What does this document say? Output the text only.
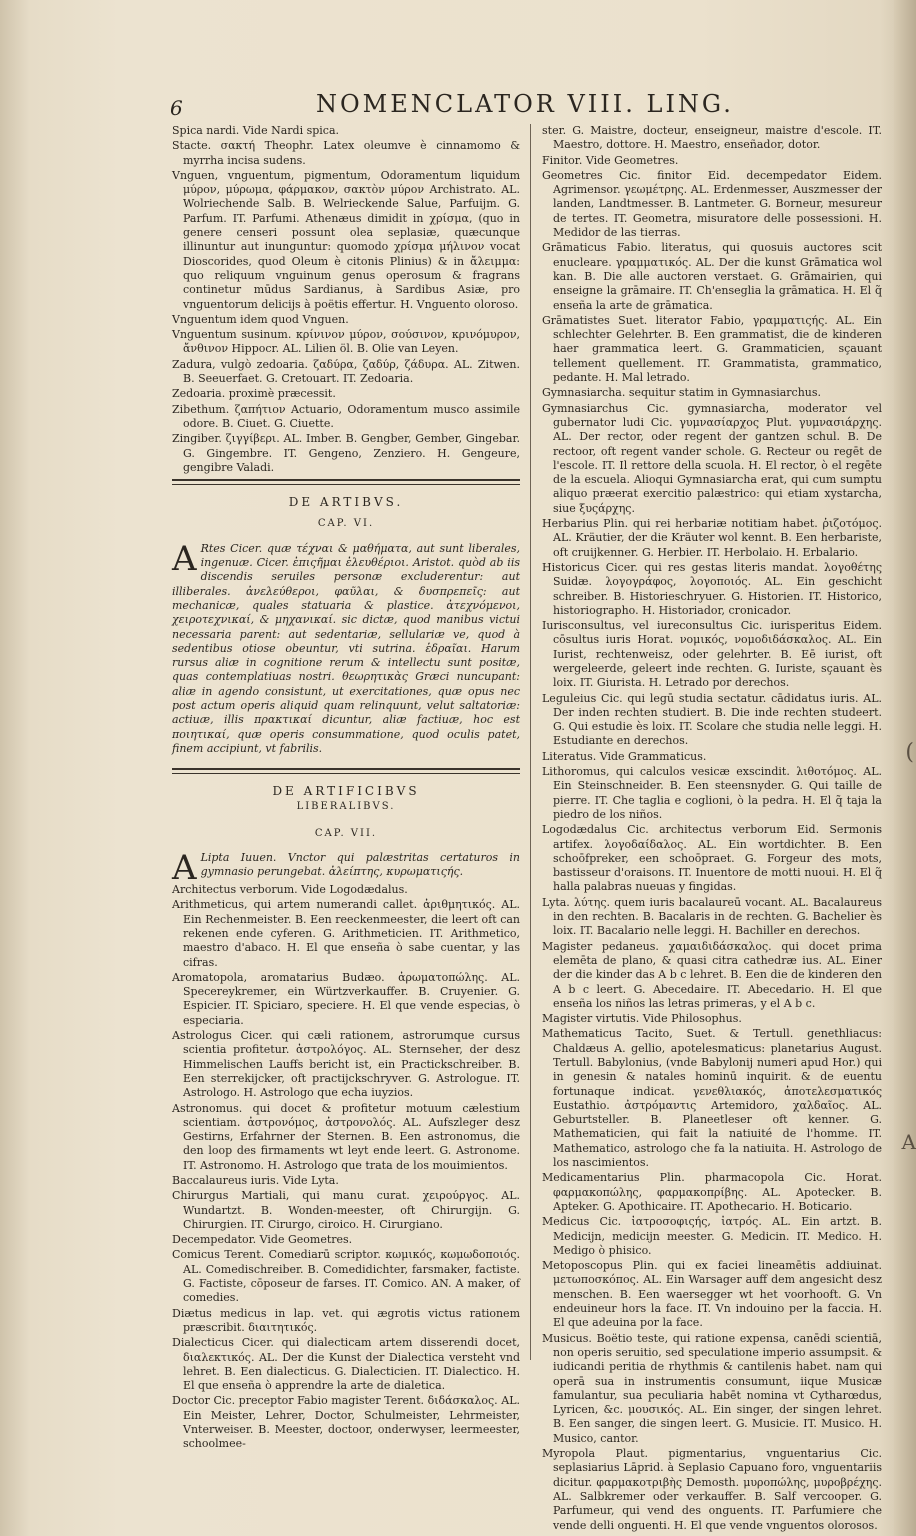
(
A
6	NOMENCLATOR VIII. LING.
Spica nardi. Vide Nardi spica.
Stacte. σακτή Theophr. Latex oleumve è cinnamomo & myrrha incisa sudens.
Vnguen, vnguentum, pigmentum, Odoramentum liquidum μύρον, μύρωμα, φάρμακον, σακτὸν μύρον Archistrato. AL. Wolriechende Salb. B. Welrieckende Salue, Parfuijm. G. Parfum. IT. Parfumi. Athenæus dimidit in χρίσμα, (quo in genere censeri possunt olea seplasiæ, quæcunque illinuntur aut inunguntur: quomodo χρίσμα μήλινον vocat Dioscorides, quod Oleum è citonis Plinius) & in ἄλειμμα: quo reliquum vnguinum genus operosum & fragrans continetur mūdus Sardianus, à Sardibus Asiæ, pro vnguentorum delicijs à poëtis effertur. H. Vnguento oloroso.
Vnguentum idem quod Vnguen.
Vnguentum susinum. κρίνινον μύρον, σούσινον, κρινόμυρον, ἄνθινον Hippocr. AL. Lilien öl. B. Olie van Leyen.
Zadura, vulgò zedoaria. ζαδύρα, ζαδύρ, ζάδυρα. AL. Zitwen. B. Seeuerfaet. G. Cretouart. IT. Zedoaria.
Zedoaria. proximè præcessit.
Zibethum. ζαπήτιον Actuario, Odoramentum musco assimile odore. B. Ciuet. G. Ciuette.
Zingiber. ζιγγίβερι. AL. Imber. B. Gengber, Gember, Gingebar. G. Gingembre. IT. Gengeno, Zenziero. H. Gengeure, gengibre Valadi.
DE ARTIBVS.
CAP. VI.
A Rtes Cicer. quæ τέχναι & μαθήματα, aut sunt liberales, ingenuæ. Cicer. ἐπιςῆμαι ἐλευθέριοι. Aristot. quòd ab iis discendis seruiles personæ excluderentur: aut illiberales. ἀνελεύθεροι, φαῦλαι, & δυσπρεπεῖς: aut mechanicæ, quales statuaria & plastice. ἀτεχνόμενοι, χειροτεχνικαί, & μηχανικαί. sic dictæ, quod manibus victui necessaria parent: aut sedentariæ, sellulariæ ve, quod à sedentibus otiose obeuntur, vti sutrina. ἑδραῖαι. Harum rursus aliæ in cognitione rerum & intellectu sunt positæ, quas contemplatiuas nostri. θεωρητικὰς Græci nuncupant: aliæ in agendo consistunt, ut exercitationes, quæ opus nec post actum operis aliquid quam relinquunt, velut saltatoriæ: actiuæ, illis πρακτικαί dicuntur, aliæ factiuæ, hoc est ποιητικαί, quæ operis consummatione, quod oculis patet, finem accipiunt, vt fabrilis.
DE ARTIFICIBVS
LIBERALIBVS.
CAP. VII.
A Lipta Iuuen. Vnctor qui palæstritas certaturos in gymnasio perungebat. ἀλείπτης, κυρωματιςής.
Architectus verborum. Vide Logodædalus.
Arithmeticus, qui artem numerandi callet. ἀριθμητικός. AL. Ein Rechenmeister. B. Een reeckenmeester, die leert oft can rekenen ende cyferen. G. Arithmeticien. IT. Arithmetico, maestro d'abaco. H. El que enseña ò sabe cuentar, y las cifras.
Aromatopola, aromatarius Budæo. ἀρωματοπώλης. AL. Specereykremer, ein Würtzverkauffer. B. Cruyenier. G. Espicier. IT. Spiciaro, speciere. H. El que vende especias, ò especiaria.
Astrologus Cicer. qui cæli rationem, astrorumque cursus scientia profitetur. ἀστρολόγος. AL. Sternseher, der desz Himmelischen Lauffs bericht ist, ein Practickschreiber. B. Een sterrekijcker, oft practijckschryver. G. Astrologue. IT. Astrologo. H. Astrologo que echa iuyzios.
Astronomus. qui docet & profitetur motuum cælestium scientiam. ἀστρονόμος, ἀστρονολός. AL. Aufszleger desz Gestirns, Erfahrner der Sternen. B. Een astronomus, die den loop des firmaments wt leyt ende leert. G. Astronome. IT. Astronomo. H. Astrologo que trata de los mouimientos.
Baccalaureus iuris. Vide Lyta.
Chirurgus Martiali, qui manu curat. χειρούργος. AL. Wundartzt. B. Wonden-meester, oft Chirurgijn. G. Chirurgien. IT. Cirurgo, ciroico. H. Cirurgiano.
Decempedator. Vide Geometres.
Comicus Terent. Comediarū scriptor. κωμικός, κωμωδοποιός. AL. Comedischreiber. B. Comedidichter, farsmaker, factiste. G. Factiste, cōposeur de farses. IT. Comico. AN. A maker, of comedies.
Diætus medicus in lap. vet. qui ægrotis victus rationem præscribit. διαιτητικός.
Dialecticus Cicer. qui dialecticam artem disserendi docet, διαλεκτικός. AL. Der die Kunst der Dialectica versteht vnd lehret. B. Een dialecticus. G. Dialecticien. IT. Dialectico. H. El que enseña ò apprendre la arte de dialetica.
Doctor Cic. preceptor Fabio magister Terent. διδάσκαλος. AL. Ein Meister, Lehrer, Doctor, Schulmeister, Lehrmeister, Vnterweiser. B. Meester, doctoor, onderwyser, leermeester, schoolmee-
ster. G. Maistre, docteur, enseigneur, maistre d'escole. IT. Maestro, dottore. H. Maestro, enseñador, dotor.
Finitor. Vide Geometres.
Geometres Cic. finitor Eid. decempedator Eidem. Agrimensor. γεωμέτρης. AL. Erdenmesser, Auszmesser der landen, Landtmesser. B. Lantmeter. G. Borneur, mesureur de tertes. IT. Geometra, misuratore delle possessioni. H. Medidor de las tierras.
Grāmaticus Fabio. literatus, qui quosuis auctores scit enucleare. γραμματικός. AL. Der die kunst Grāmatica wol kan. B. Die alle auctoren verstaet. G. Grāmairien, qui enseigne la grāmaire. IT. Ch'enseglia la grāmatica. H. El q̃ enseña la arte de grāmatica.
Grāmatistes Suet. literator Fabio, γραμματιςής. AL. Ein schlechter Gelehrter. B. Een grammatist, die de kinderen haer grammatica leert. G. Grammaticien, sçauant tellement quellement. IT. Grammatista, grammatico, pedante. H. Mal letrado.
Gymnasiarcha. sequitur statim in Gymnasiarchus.
Gymnasiarchus Cic. gymnasiarcha, moderator vel gubernator ludi Cic. γυμνασίαρχος Plut. γυμνασιάρχης. AL. Der rector, oder regent der gantzen schul. B. De rectoor, oft regent vander schole. G. Recteur ou regēt de l'escole. IT. Il rettore della scuola. H. El rector, ò el regēte de la escuela. Alioqui Gymnasiarcha erat, qui cum sumptu aliquo præerat exercitio palæstrico: qui etiam xystarcha, siue ξυςάρχης.
Herbarius Plin. qui rei herbariæ notitiam habet. ῥιζοτόμος. AL. Kräutier, der die Kräuter wol kennt. B. Een herbariste, oft cruijkenner. G. Herbier. IT. Herbolaio. H. Erbalario.
Historicus Cicer. qui res gestas literis mandat. λογοθέτης Suidæ. λογογράφος, λογοποιός. AL. Ein geschicht schreiber. B. Historieschryuer. G. Historien. IT. Historico, historiographo. H. Historiador, cronicador.
Iurisconsultus, vel iureconsultus Cic. iurisperitus Eidem. cōsultus iuris Horat. νομικός, νομοδιδάσκαλος. AL. Ein Iurist, rechtenweisz, oder gelehrter. B. Eē iurist, oft wergeleerde, geleert inde rechten. G. Iuriste, sçauant ès loix. IT. Giurista. H. Letrado por derechos.
Leguleius Cic. qui legū studia sectatur. cādidatus iuris. AL. Der inden rechten studiert. B. Die inde rechten studeert. G. Qui estudie ès loix. IT. Scolare che studia nelle leggi. H. Estudiante en derechos.
Literatus. Vide Grammaticus.
Lithoromus, qui calculos vesicæ exscindit. λιθοτόμος. AL. Ein Steinschneider. B. Een steensnyder. G. Qui taille de pierre. IT. Che taglia e coglioni, ò la pedra. H. El q̃ taja la piedro de los niños.
Logodædalus Cic. architectus verborum Eid. Sermonis artifex. λογοδαίδαλος. AL. Ein wortdichter. B. Een schoōfpreker, een schoōpraet. G. Forgeur des mots, bastisseur d'oraisons. IT. Inuentore de motti nuoui. H. El q̃ halla palabras nueuas y fingidas.
Lyta. λύτης. quem iuris bacalaureū vocant. AL. Bacalaureus in den rechten. B. Bacalaris in de rechten. G. Bachelier ès loix. IT. Bacalario nelle leggi. H. Bachiller en derechos.
Magister pedaneus. χαμαιδιδάσκαλος. qui docet prima elemēta de plano, & quasi citra cathedræ ius. AL. Einer der die kinder das A b c lehret. B. Een die de kinderen den A b c leert. G. Abecedaire. IT. Abecedario. H. El que enseña los niños las letras primeras, y el A b c.
Magister virtutis. Vide Philosophus.
Mathematicus Tacito, Suet. & Tertull. genethliacus: Chaldæus A. gellio, apotelesmaticus: planetarius August. Tertull. Babylonius, (vnde Babylonij numeri apud Hor.) qui in genesin & natales hominū inquirit. & de euentu fortunaque indicat. γενεθλιακός, ἀποτελεσματικός Eustathio. ἀστρόμαντις Artemidoro, χαλδαῖος. AL. Geburtsteller. B. Planeetleser oft kenner. G. Mathematicien, qui fait la natiuité de l'homme. IT. Mathematico, astrologo che fa la natiuita. H. Astrologo de los nascimientos.
Medicamentarius Plin. pharmacopola Cic. Horat. φαρμακοπώλης, φαρμακοπρίβης. AL. Apotecker. B. Apteker. G. Apothicaire. IT. Apothecario. H. Boticario.
Medicus Cic. ἰατροσοφιςής, ἰατρός. AL. Ein artzt. B. Medicijn, medicijn meester. G. Medicin. IT. Medico. H. Medigo ò phisico.
Metoposcopus Plin. qui ex faciei lineamētis addiuinat. μετωποσκόπος. AL. Ein Warsager auff dem angesicht desz menschen. B. Een waersegger wt het voorhooft. G. Vn endeuineur hors la face. IT. Vn indouino per la faccia. H. El que adeuina por la face.
Musicus. Boëtio teste, qui ratione expensa, canēdi scientiā, non operis seruitio, sed speculatione imperio assumpsit. & iudicandi peritia de rhythmis & cantilenis habet. nam qui operā sua in instrumentis consumunt, iique Musicæ famulantur, sua peculiaria habēt nomina vt Cytharœdus, Lyricen, &c. μουσικός. AL. Ein singer, der singen lehret. B. Een sanger, die singen leert. G. Musicie. IT. Musico. H. Musico, cantor.
Myropola Plaut. pigmentarius, vnguentarius Cic. seplasiarius Lāprid. à Seplasio Capuano foro, vnguentariis dicitur. φαρμακοτριβὴς Demosth. μυροπώλης, μυροβρέχης. AL. Salbkremer oder verkauffer. B. Salf vercooper. G. Parfumeur, qui vend des onguents. IT. Parfumiere che vende delli onguenti. H. El que vende vnguentos olorosos.
